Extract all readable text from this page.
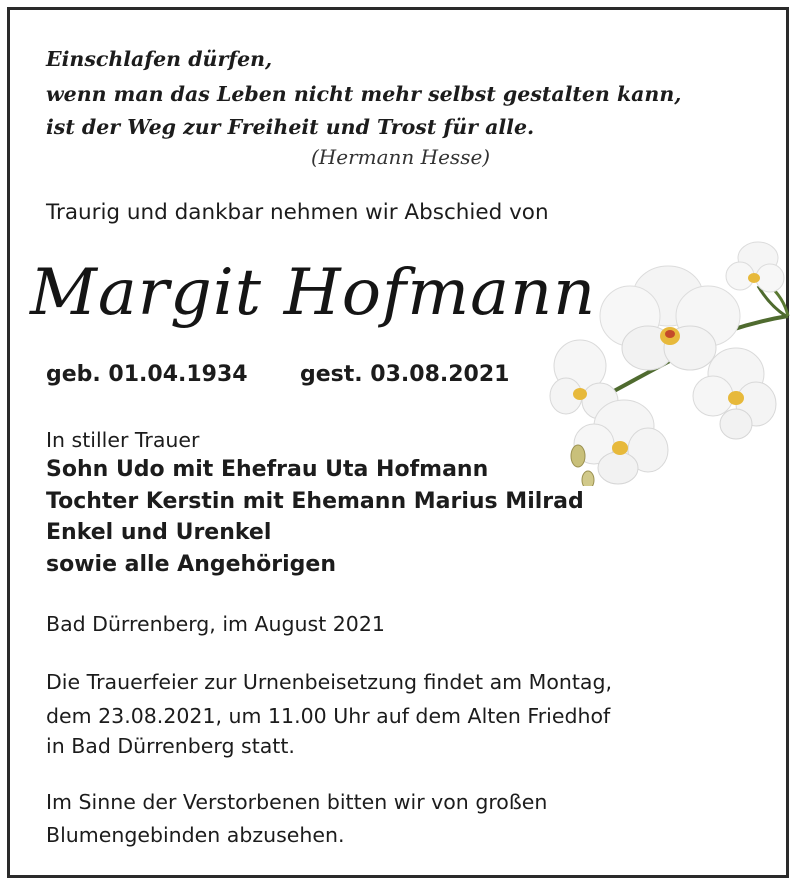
Einschlafen dürfen,
wenn man das Leben nicht mehr selbst gestalten kann,
ist der Weg zur Freiheit und Trost für alle.
(Hermann Hesse)
Traurig und dankbar nehmen wir Abschied von
Margit Hofmann
geb. 01.04.1934 gest. 03.08.2021
In stiller Trauer
Sohn Udo mit Ehefrau Uta Hofmann
Tochter Kerstin mit Ehemann Marius Milrad
Enkel und Urenkel
sowie alle Angehörigen
Bad Dürrenberg, im August 2021
Die Trauerfeier zur Urnenbeisetzung findet am Montag,
dem 23.08.2021, um 11.00 Uhr auf dem Alten Friedhof
in Bad Dürrenberg statt.
Im Sinne der Verstorbenen bitten wir von großen
Blumengebinden abzusehen.
